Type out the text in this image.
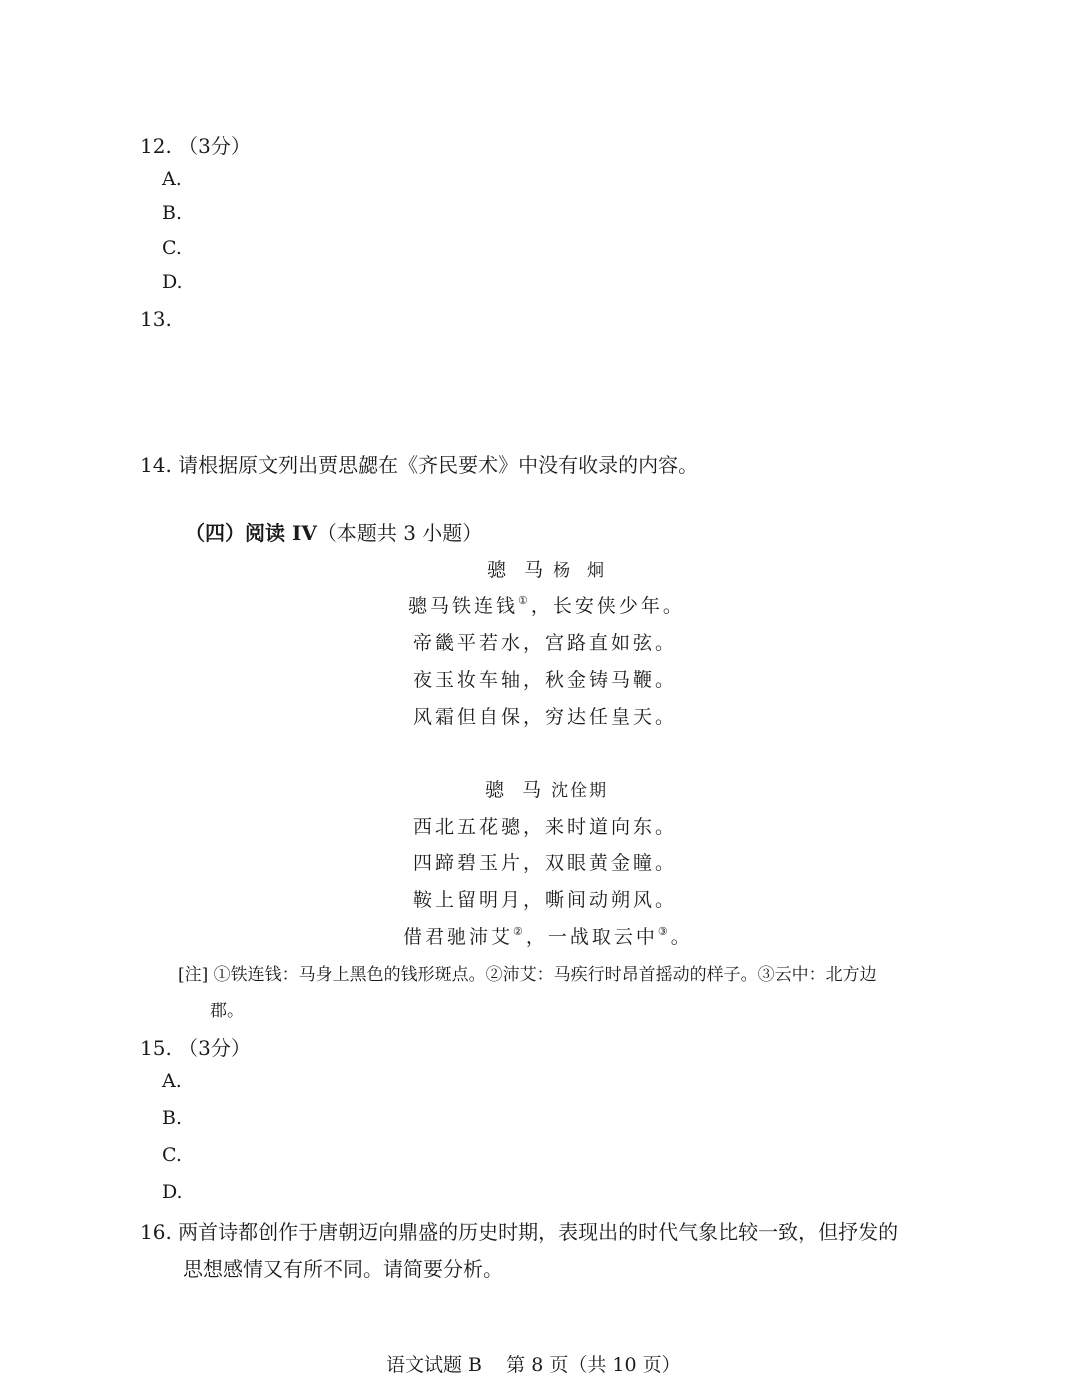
12. （3分）
A.
B.
C.
D.
13.
14. 请根据原文列出贾思勰在《齐民要术》中没有收录的内容。
（四）阅读 IV（本题共 3 小题）
骢  马 杨  炯
骢马铁连钱①，长安侠少年。
帝畿平若水，宫路直如弦。
夜玉妆车轴，秋金铸马鞭。
风霜但自保，穷达任皇天。
骢  马 沈佺期
西北五花骢，来时道向东。
四蹄碧玉片，双眼黄金瞳。
鞍上留明月，嘶间动朔风。
借君驰沛艾②，一战取云中③。
[注] ①铁连钱：马身上黑色的钱形斑点。②沛艾：马疾行时昂首摇动的样子。③云中：北方边
郡。
15. （3分）
A.
B.
C.
D.
16. 两首诗都创作于唐朝迈向鼎盛的历史时期，表现出的时代气象比较一致，但抒发的
思想感情又有所不同。请简要分析。
语文试题 B    第 8 页（共 10 页）
